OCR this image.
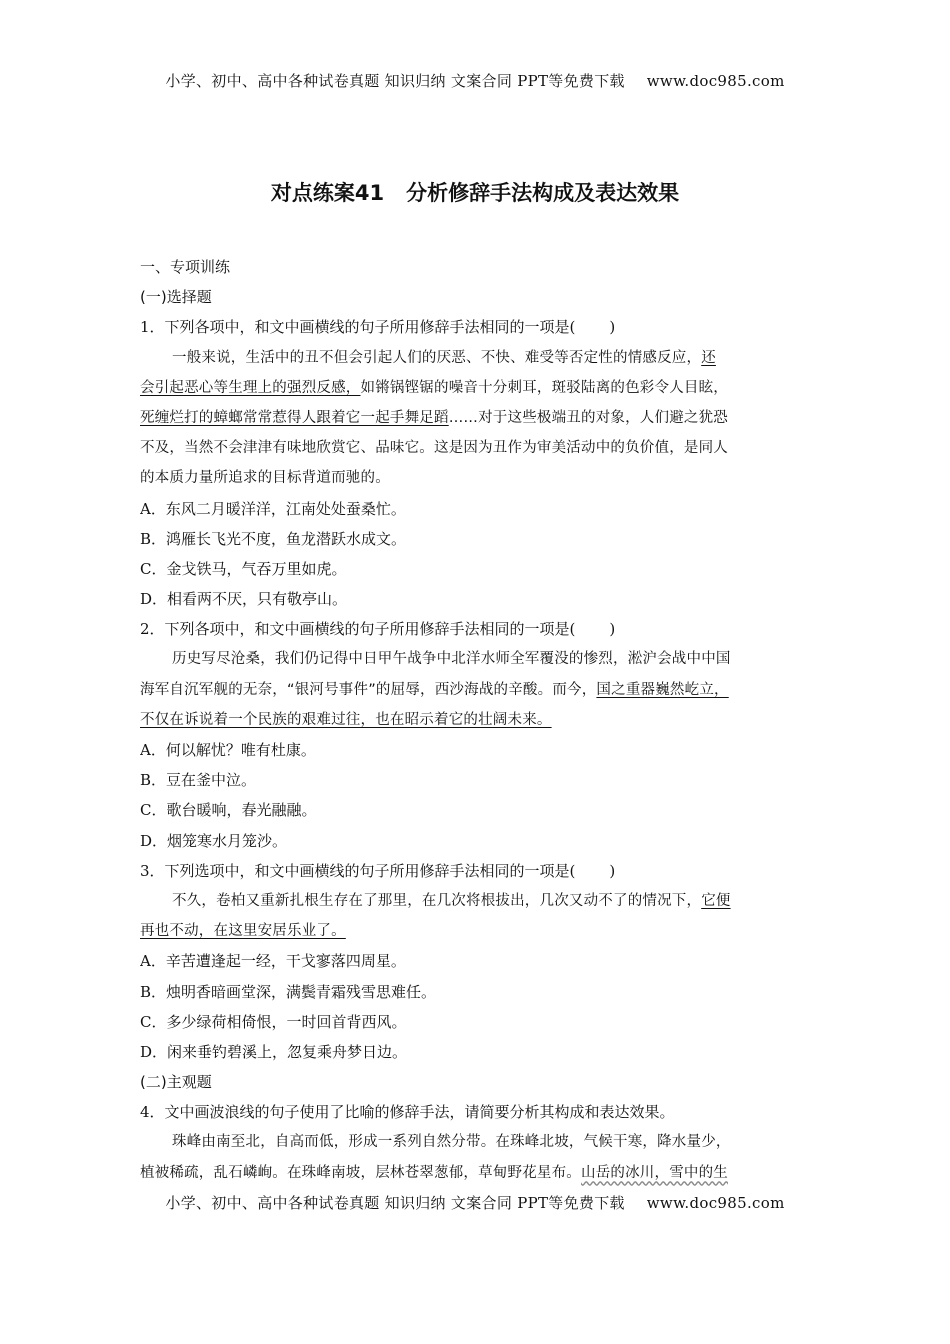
小学、初中、高中各种试卷真题 知识归纳 文案合同 PPT等免费下载 www.doc985.com
对点练案41 分析修辞手法构成及表达效果
一、专项训练
(一)选择题
1．下列各项中，和文中画横线的句子所用修辞手法相同的一项是( )
一般来说，生活中的丑不但会引起人们的厌恶、不快、难受等否定性的情感反应，还
会引起恶心等生理上的强烈反感，如锵锅铿锯的噪音十分刺耳，斑驳陆离的色彩令人目眩，
死缠烂打的蟑螂常常惹得人跟着它一起手舞足蹈……对于这些极端丑的对象，人们避之犹恐
不及，当然不会津津有味地欣赏它、品味它。这是因为丑作为审美活动中的负价值，是同人
的本质力量所追求的目标背道而驰的。
A．东风二月暖洋洋，江南处处蚕桑忙。
B．鸿雁长飞光不度，鱼龙潜跃水成文。
C．金戈铁马，气吞万里如虎。
D．相看两不厌，只有敬亭山。
2．下列各项中，和文中画横线的句子所用修辞手法相同的一项是( )
历史写尽沧桑，我们仍记得中日甲午战争中北洋水师全军覆没的惨烈，淞沪会战中中国
海军自沉军舰的无奈，“银河号事件”的屈辱，西沙海战的辛酸。而今，国之重器巍然屹立，
不仅在诉说着一个民族的艰难过往，也在昭示着它的壮阔未来。
A．何以解忧？唯有杜康。
B．豆在釜中泣。
C．歌台暖响，春光融融。
D．烟笼寒水月笼沙。
3．下列选项中，和文中画横线的句子所用修辞手法相同的一项是( )
不久，卷柏又重新扎根生存在了那里，在几次将根拔出，几次又动不了的情况下，它便
再也不动，在这里安居乐业了。
A．辛苦遭逢起一经，干戈寥落四周星。
B．烛明香暗画堂深，满鬓青霜残雪思难任。
C．多少绿荷相倚恨，一时回首背西风。
D．闲来垂钓碧溪上，忽复乘舟梦日边。
(二)主观题
4．文中画波浪线的句子使用了比喻的修辞手法，请简要分析其构成和表达效果。
珠峰由南至北，自高而低，形成一系列自然分带。在珠峰北坡，气候干寒，降水量少，
植被稀疏，乱石嶙峋。在珠峰南坡，层林苍翠葱郁，草甸野花星布。山岳的冰川，雪中的生
小学、初中、高中各种试卷真题 知识归纳 文案合同 PPT等免费下载 www.doc985.com
